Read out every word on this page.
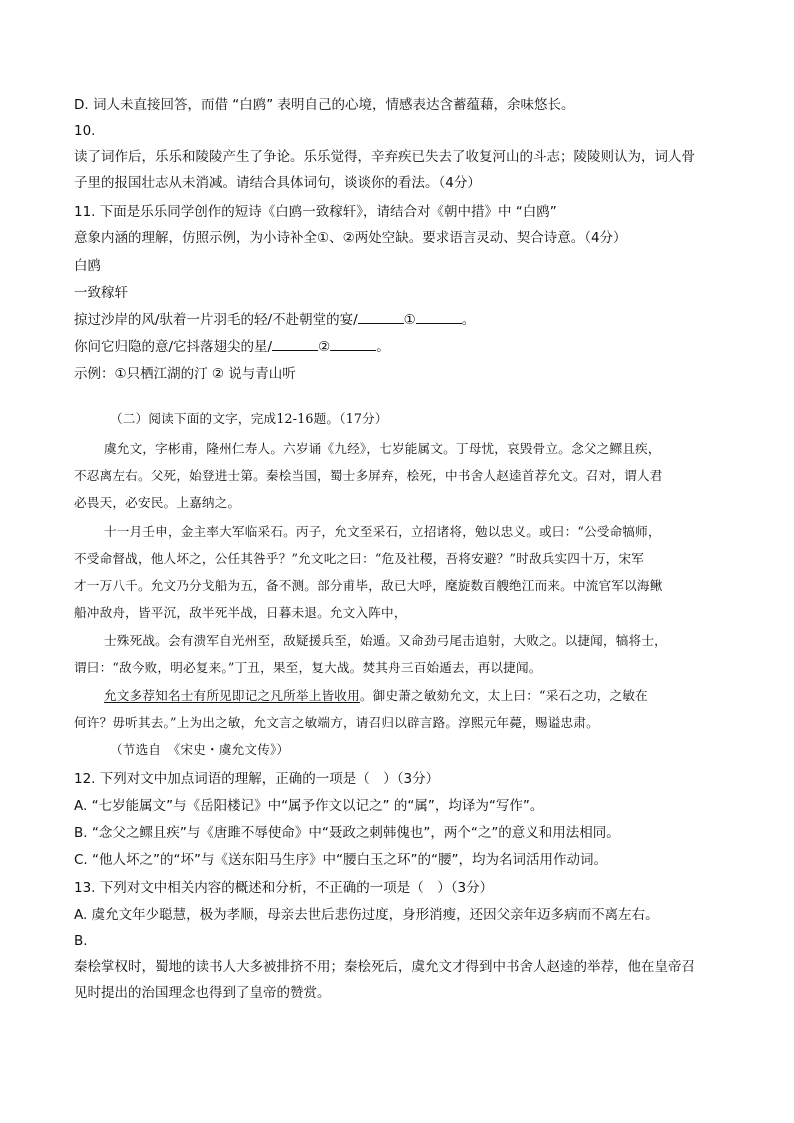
D. 词人未直接回答，而借 “白鸥” 表明自己的心境，情感表达含蓄蕴藉，余味悠长。
10.
读了词作后，乐乐和陵陵产生了争论。乐乐觉得，辛弃疾已失去了收复河山的斗志；陵陵则认为，词人骨
子里的报国壮志从未消减。请结合具体词句，谈谈你的看法。（4分）
11. 下面是乐乐同学创作的短诗《白鸥一致稼轩》，请结合对《朝中措》中 “白鸥”
意象内涵的理解，仿照示例，为小诗补全①、②两处空缺。要求语言灵动、契合诗意。（4分）
白鸥
一致稼轩
掠过沙岸的风/驮着一片羽毛的轻/不赴朝堂的宴/	①	。
你问它归隐的意/它抖落翅尖的星/	②	。
示例：①只栖江湖的汀 ② 说与青山听
（二）阅读下面的文字，完成12-16题。（17分）
虞允文，字彬甫，隆州仁寿人。六岁诵《九经》，七岁能属文。丁母忧，哀毁骨立。念父之鳏且疾，
不忍离左右。父死，始登进士第。秦桧当国，蜀士多屏弃，桧死，中书舍人赵逵首荐允文。召对，谓人君
必畏天，必安民。上嘉纳之。
十一月壬申，金主率大军临采石。丙子，允文至采石，立招诸将，勉以忠义。或曰：“公受命犒师，
不受命督战，他人坏之，公任其咎乎？”允文叱之曰：“危及社稷，吾将安避？”时敌兵实四十万，宋军
才一万八千。允文乃分戈船为五，备不测。部分甫毕，敌已大呼，麾旋数百艘绝江而来。中流官军以海鳅
船冲敌舟，皆平沉，敌半死半战，日暮未退。允文入阵中，
士殊死战。会有溃军自光州至，敌疑援兵至，始遁。又命劲弓尾击追射，大败之。以捷闻，犒将士，
谓曰：“敌今败，明必复来。”丁丑，果至，复大战。焚其舟三百始遁去，再以捷闻。
允文多荐知名士有所见即记之凡所举上皆收用。御史萧之敏劾允文，太上曰：“采石之功，之敏在
何许？毋听其去。”上为出之敏，允文言之敏端方，请召归以辟言路。淳熙元年薨，赐谥忠肃。
（节选自　《宋史・虞允文传》）
12. 下列对文中加点词语的理解，正确的一项是（　）（3分）
A. “七岁能属文”与《岳阳楼记》中“属予作文以记之” 的“属”，均译为“写作”。
B. “念父之鳏且疾”与《唐雎不辱使命》中“聂政之刺韩傀也”，两个“之”的意义和用法相同。
C. “他人坏之”的“坏”与《送东阳马生序》中“腰白玉之环”的“腰”，均为名词活用作动词。
13. 下列对文中相关内容的概述和分析，不正确的一项是（　）（3分）
A. 虞允文年少聪慧，极为孝顺，母亲去世后悲伤过度，身形消瘦，还因父亲年迈多病而不离左右。
B.
秦桧掌权时，蜀地的读书人大多被排挤不用；秦桧死后，虞允文才得到中书舍人赵逵的举荐，他在皇帝召
见时提出的治国理念也得到了皇帝的赞赏。
